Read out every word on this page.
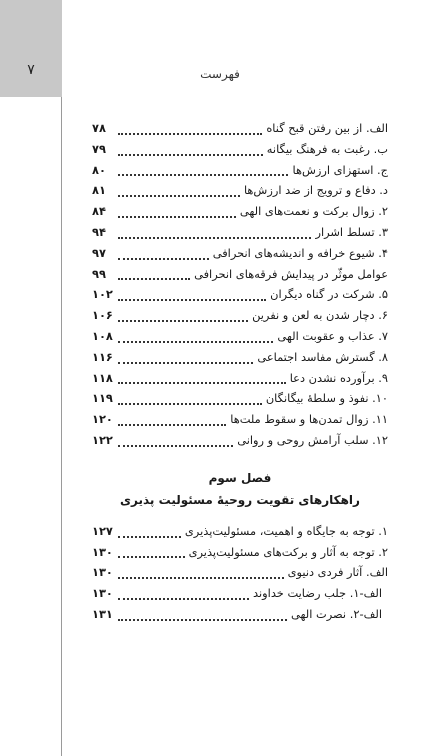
۷	فهرست
الف. از بین رفتن قبح گناه
۷۸
ب. رغبت به فرهنگ بیگانه
۷۹
ج. استهزای ارزش‌ها
۸۰
د. دفاع و ترویج از ضد ارزش‌ها
۸۱
۲. زوال برکت و نعمت‌های الهی
۸۴
۳. تسلط اشرار
۹۴
۴. شیوع خرافه و اندیشه‌های انحرافی
۹۷
عوامل موثّر در پیدایش فرقه‌های انحرافی
۹۹
۵. شرکت در گناه دیگران
۱۰۲
۶. دچار شدن به لعن و نفرین
۱۰۶
۷. عذاب و عقوبت الهی
۱۰۸
۸. گسترش مفاسد اجتماعی
۱۱۶
۹. برآورده نشدن دعا
۱۱۸
۱۰. نفوذ و سلطهٔ بیگانگان
۱۱۹
۱۱. زوال تمدن‌ها و سقوط ملت‌ها
۱۲۰
۱۲. سلب آرامش روحی و روانی
۱۲۲
فصل سوم
راهکارهای تقویت روحیهٔ مسئولیت پذیری
۱. توجه به جایگاه و اهمیت، مسئولیت‌پذیری
۱۲۷
۲. توجه به آثار و برکت‌های مسئولیت‌پذیری
۱۳۰
الف. آثار فردی دنیوی
۱۳۰
الف-۱. جلب رضایت خداوند
۱۳۰
الف-۲. نصرت الهی
۱۳۱
